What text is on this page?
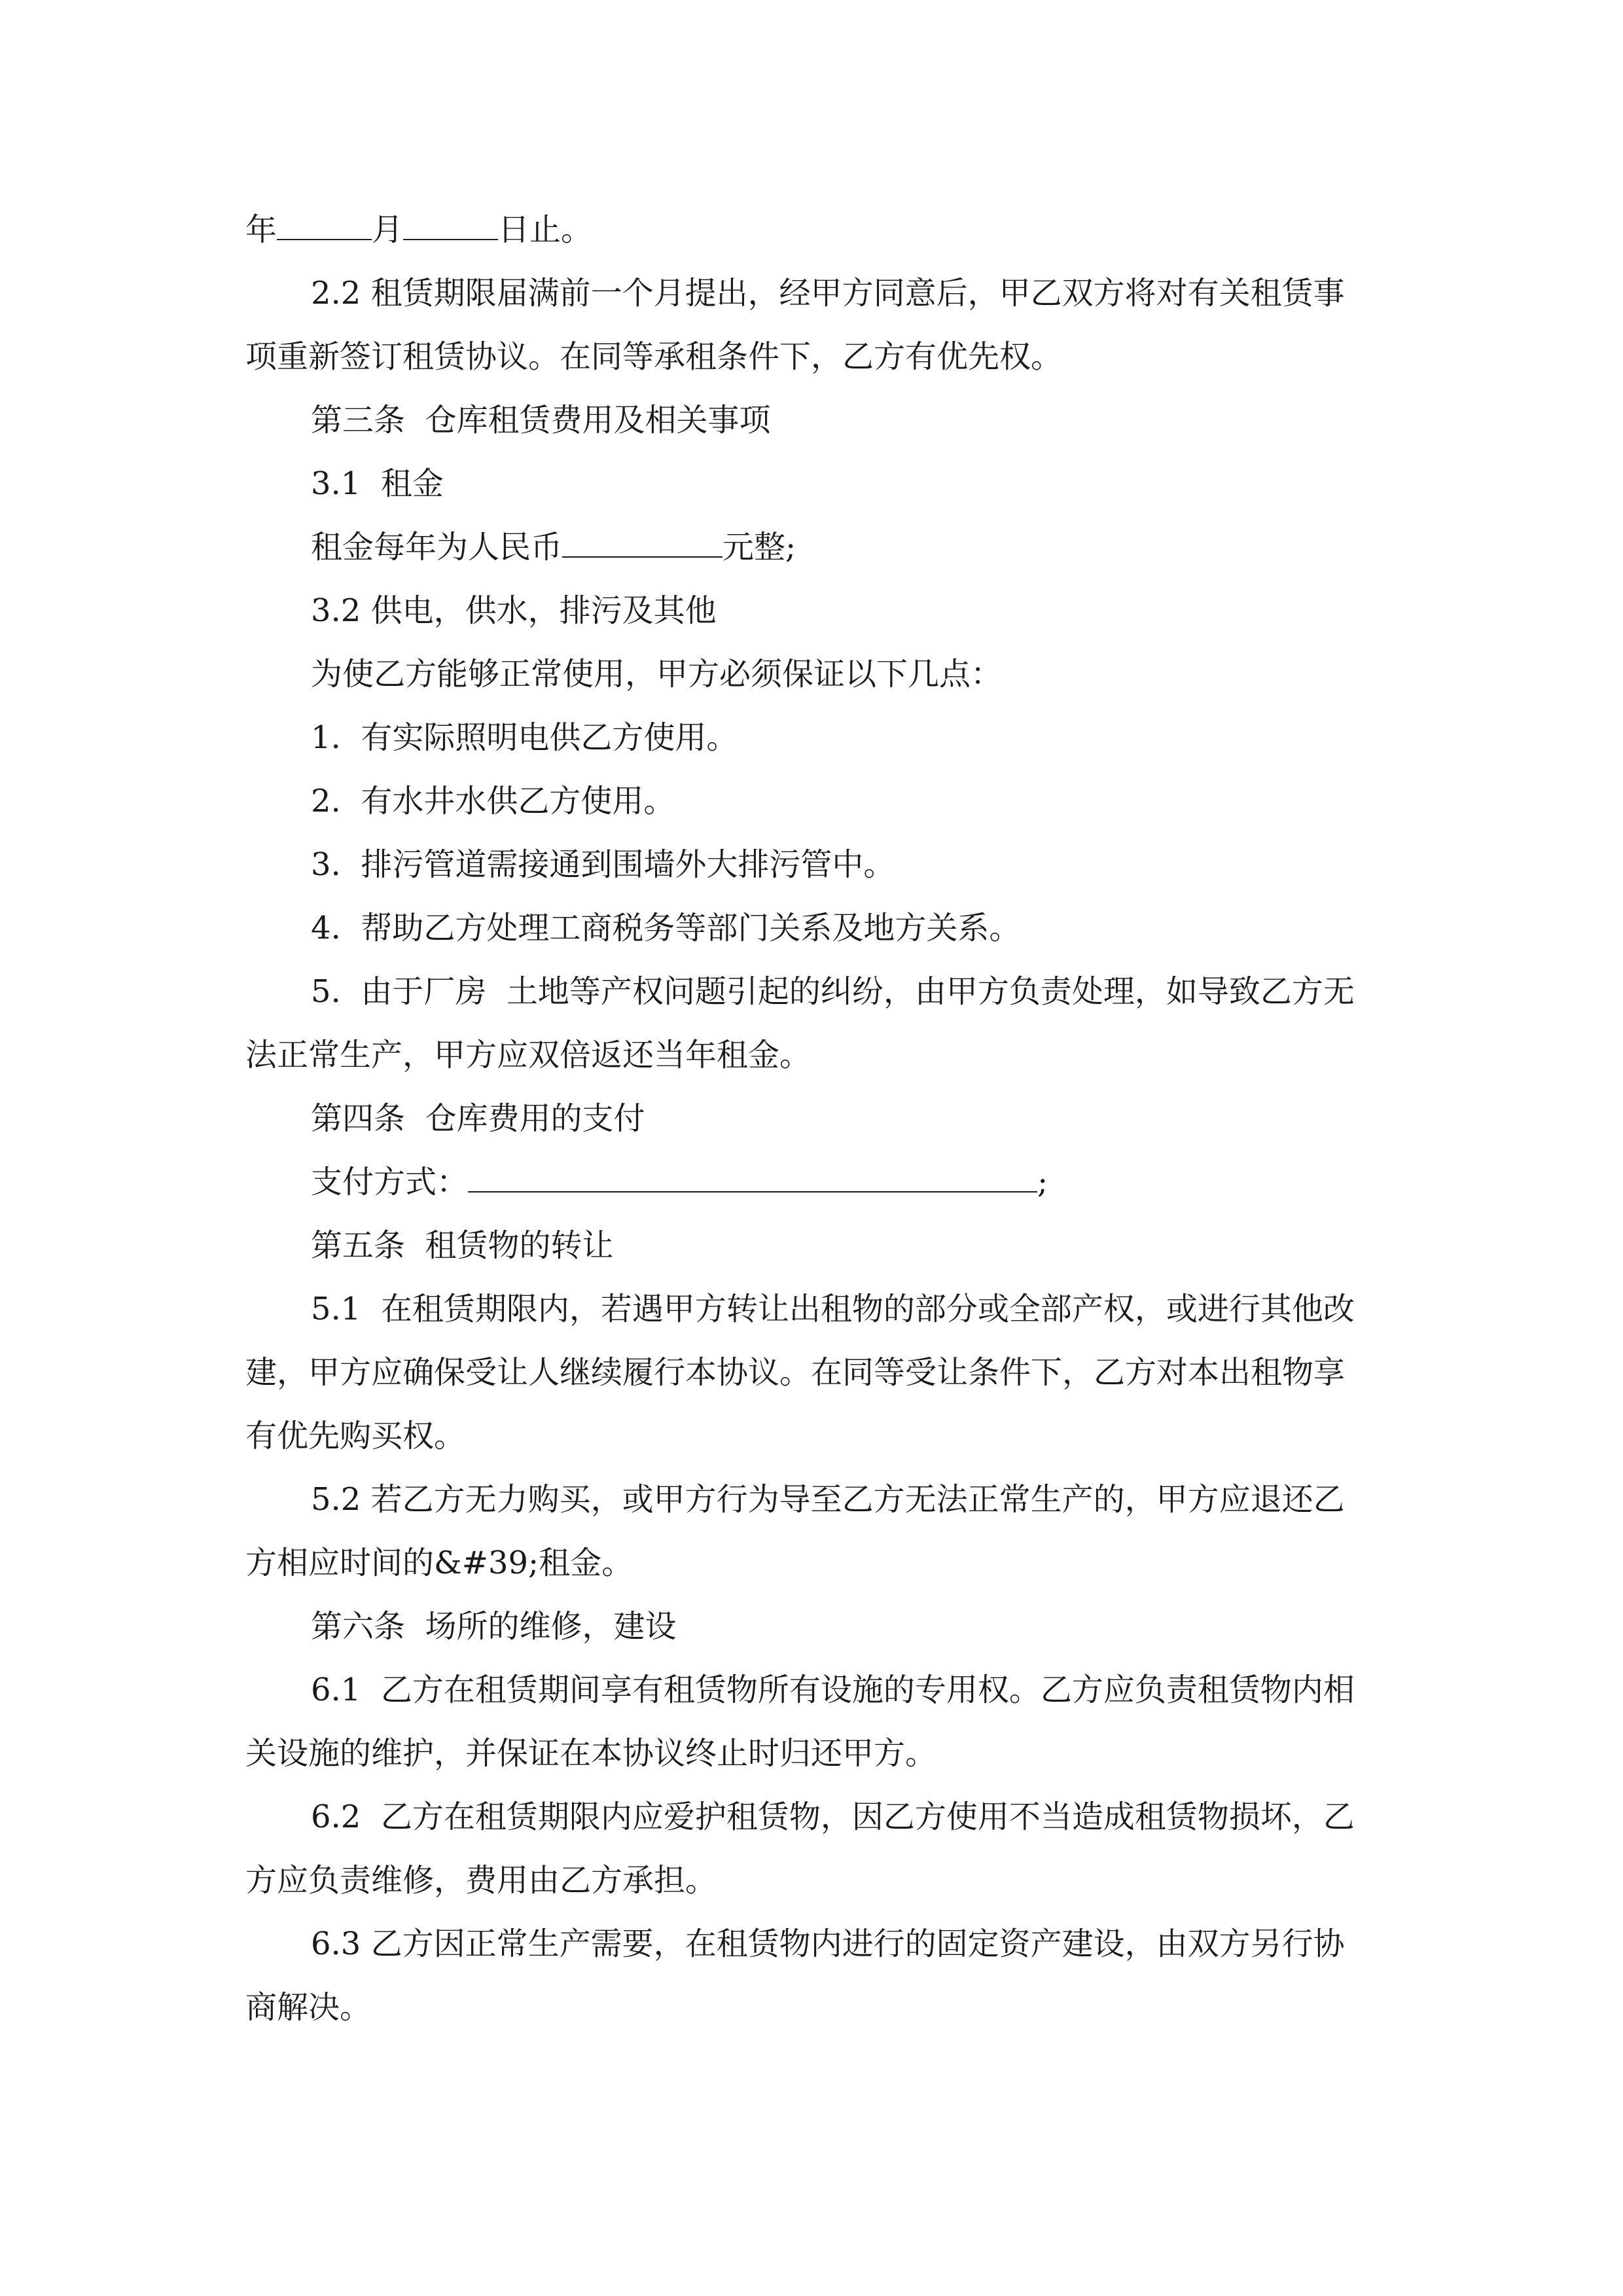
年	月	日止。
2.2 租赁期限届满前一个月提出，经甲方同意后，甲乙双方将对有关租赁事
项重新签订租赁协议。在同等承租条件下，乙方有优先权。
第三条  仓库租赁费用及相关事项
3.1  租金
租金每年为人民币	元整;
3.2 供电，供水，排污及其他
为使乙方能够正常使用，甲方必须保证以下几点：
1.  有实际照明电供乙方使用。
2.  有水井水供乙方使用。
3.  排污管道需接通到围墙外大排污管中。
4.  帮助乙方处理工商税务等部门关系及地方关系。
5.  由于厂房  土地等产权问题引起的纠纷，由甲方负责处理，如导致乙方无
法正常生产，甲方应双倍返还当年租金。
第四条  仓库费用的支付
支付方式：	;
第五条  租赁物的转让
5.1  在租赁期限内，若遇甲方转让出租物的部分或全部产权，或进行其他改
建，甲方应确保受让人继续履行本协议。在同等受让条件下，乙方对本出租物享
有优先购买权。
5.2 若乙方无力购买，或甲方行为导至乙方无法正常生产的，甲方应退还乙
方相应时间的&#39;租金。
第六条  场所的维修，建设
6.1  乙方在租赁期间享有租赁物所有设施的专用权。乙方应负责租赁物内相
关设施的维护，并保证在本协议终止时归还甲方。
6.2  乙方在租赁期限内应爱护租赁物，因乙方使用不当造成租赁物损坏，乙
方应负责维修，费用由乙方承担。
6.3 乙方因正常生产需要，在租赁物内进行的固定资产建设，由双方另行协
商解决。
